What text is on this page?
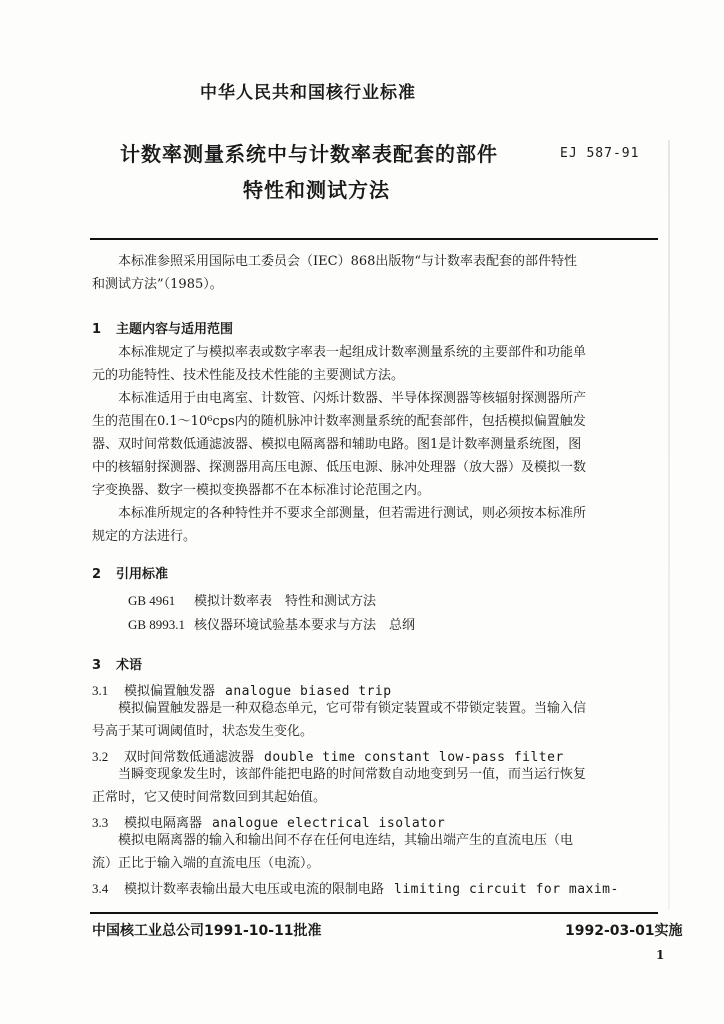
中华人民共和国核行业标准
计数率测量系统中与计数率表配套的部件
特性和测试方法
EJ 587-91
本标准参照采用国际电工委员会（IEC）868出版物“与计数率表配套的部件特性
和测试方法”（1985）。
1 主题内容与适用范围
本标准规定了与模拟率表或数字率表一起组成计数率测量系统的主要部件和功能单
元的功能特性、技术性能及技术性能的主要测试方法。
本标准适用于由电离室、计数管、闪烁计数器、半导体探测器等核辐射探测器所产
生的范围在0.1～10⁶cps内的随机脉冲计数率测量系统的配套部件，包括模拟偏置触发
器、双时间常数低通滤波器、模拟电隔离器和辅助电路。图1是计数率测量系统图，图
中的核辐射探测器、探测器用高压电源、低压电源、脉冲处理器（放大器）及模拟一数
字变换器、数字一模拟变换器都不在本标准讨论范围之内。
本标准所规定的各种特性并不要求全部测量，但若需进行测试，则必须按本标准所
规定的方法进行。
2 引用标准
GB 4961 模拟计数率表　特性和测试方法
GB 8993.1 核仪器环境试验基本要求与方法　总纲
3 术语
3.1 模拟偏置触发器 analogue biased trip
模拟偏置触发器是一种双稳态单元，它可带有锁定装置或不带锁定装置。当输入信
号高于某可调阈值时，状态发生变化。
3.2 双时间常数低通滤波器 double time constant low-pass filter
当瞬变现象发生时，该部件能把电路的时间常数自动地变到另一值，而当运行恢复
正常时，它又使时间常数回到其起始值。
3.3 模拟电隔离器 analogue electrical isolator
模拟电隔离器的输入和输出间不存在任何电连结，其输出端产生的直流电压（电
流）正比于输入端的直流电压（电流）。
3.4 模拟计数率表输出最大电压或电流的限制电路 limiting circuit for maxim-
中国核工业总公司1991-10-11批准	1992-03-01实施
1
